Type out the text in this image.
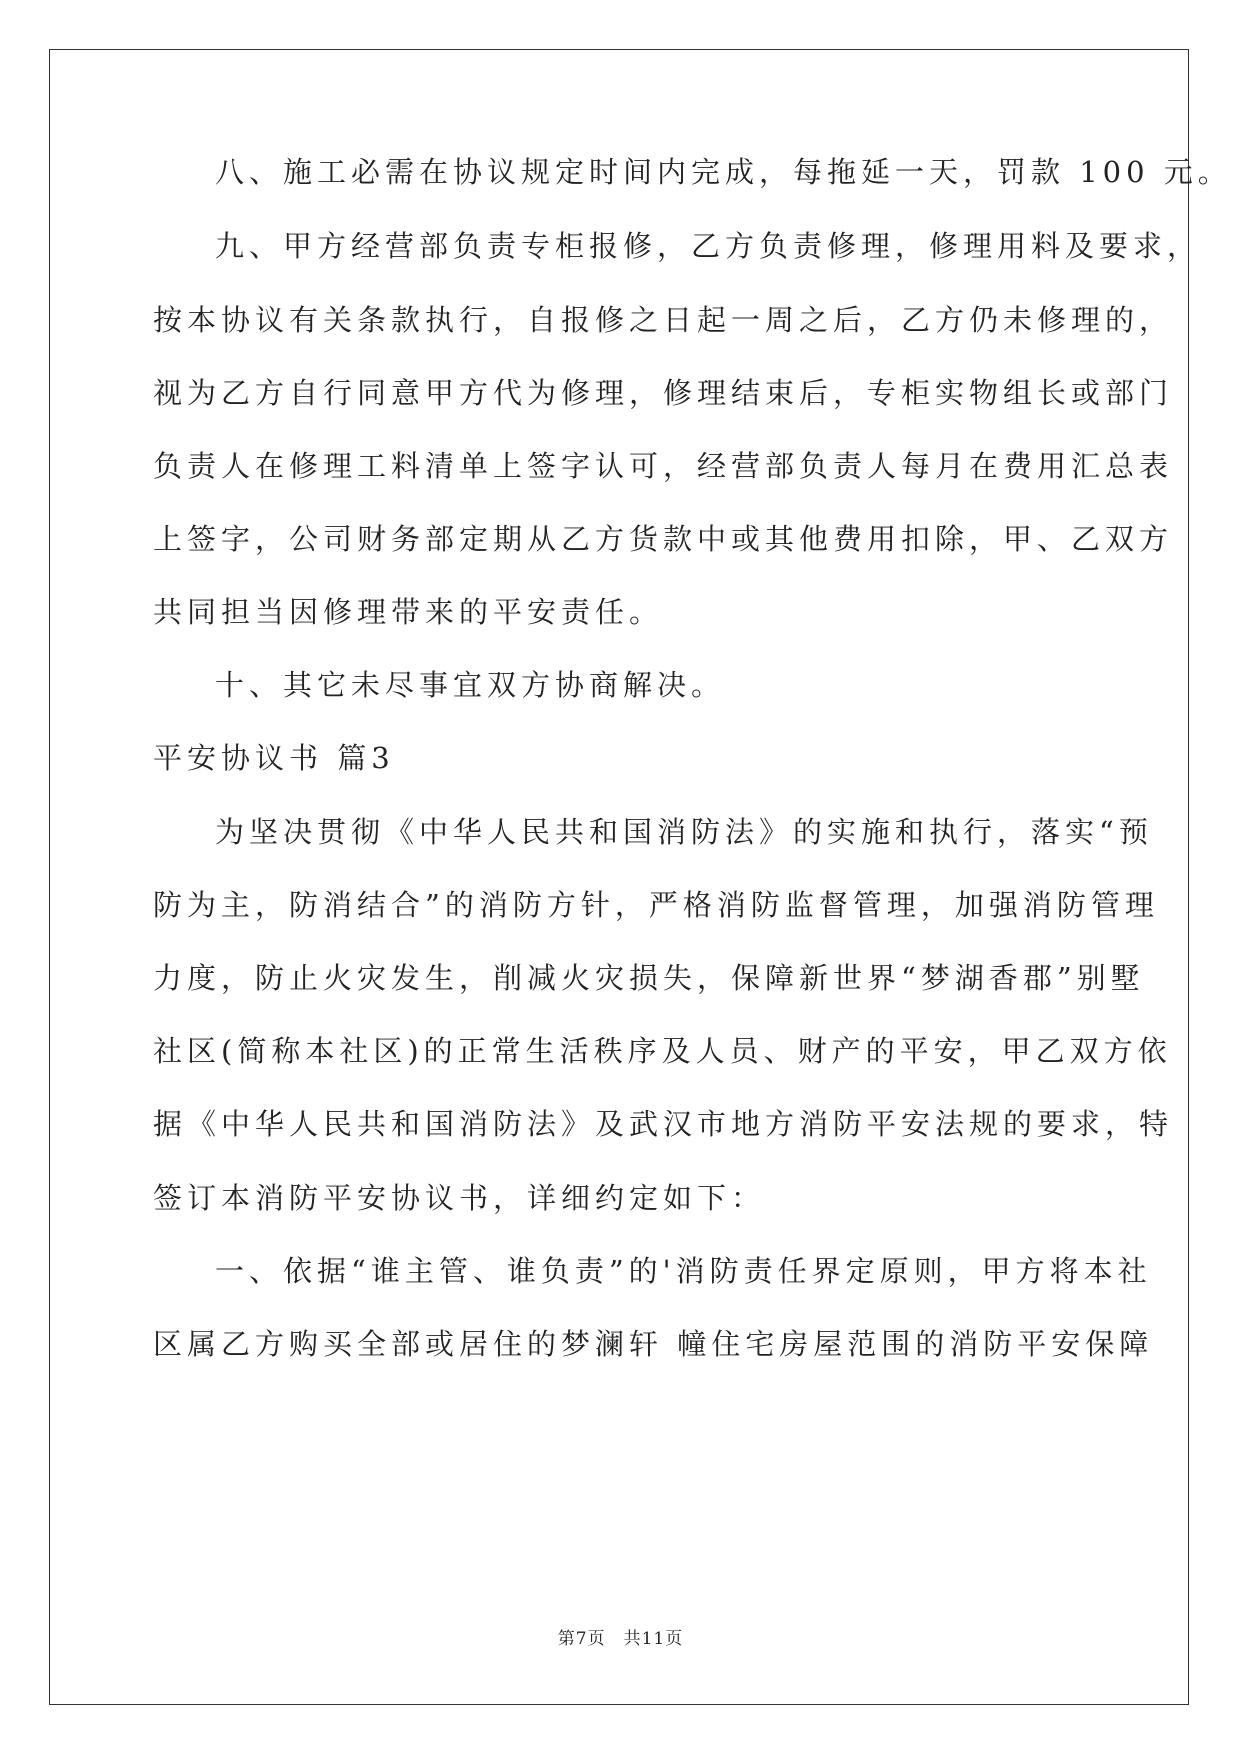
八、施工必需在协议规定时间内完成，每拖延一天，罚款 100 元。
九、甲方经营部负责专柜报修，乙方负责修理，修理用料及要求，
按本协议有关条款执行，自报修之日起一周之后，乙方仍未修理的，
视为乙方自行同意甲方代为修理，修理结束后，专柜实物组长或部门
负责人在修理工料清单上签字认可，经营部负责人每月在费用汇总表
上签字，公司财务部定期从乙方货款中或其他费用扣除，甲、乙双方
共同担当因修理带来的平安责任。
十、其它未尽事宜双方协商解决。
平安协议书 篇3
为坚决贯彻《中华人民共和国消防法》的实施和执行，落实“预
防为主，防消结合”的消防方针，严格消防监督管理，加强消防管理
力度，防止火灾发生，削减火灾损失，保障新世界“梦湖香郡”别墅
社区(简称本社区)的正常生活秩序及人员、财产的平安，甲乙双方依
据《中华人民共和国消防法》及武汉市地方消防平安法规的要求，特
签订本消防平安协议书，详细约定如下：
一、依据“谁主管、谁负责”的'消防责任界定原则，甲方将本社
区属乙方购买全部或居住的梦澜轩 幢住宅房屋范围的消防平安保障
第7页 共11页
